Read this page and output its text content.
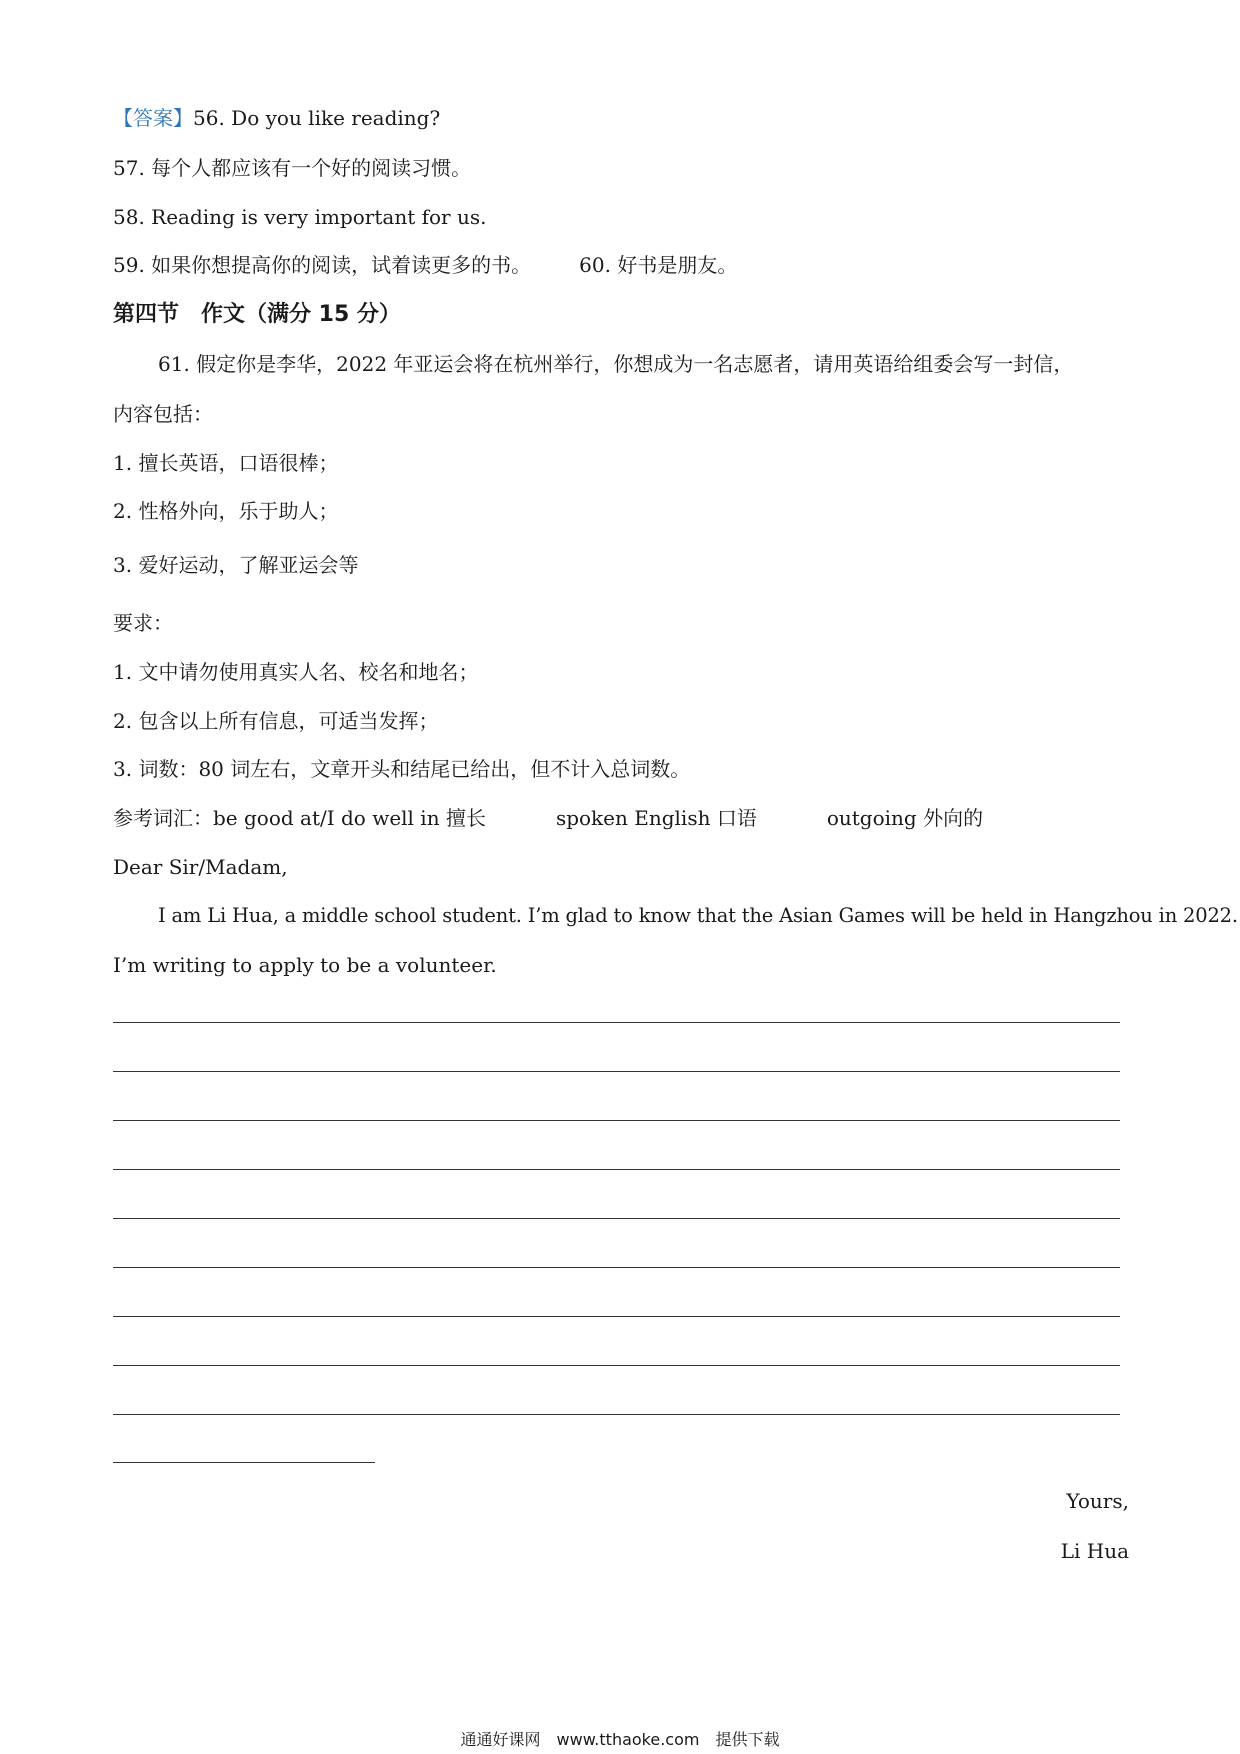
【答案】56. Do you like reading?
57. 每个人都应该有一个好的阅读习惯。
58. Reading is very important for us.
59. 如果你想提高你的阅读，试着读更多的书。 60. 好书是朋友。
第四节　作文（满分 15 分）
61. 假定你是李华，2022 年亚运会将在杭州举行，你想成为一名志愿者，请用英语给组委会写一封信，
内容包括：
1. 擅长英语，口语很棒；
2. 性格外向，乐于助人；
3. 爱好运动，了解亚运会等
要求：
1. 文中请勿使用真实人名、校名和地名；
2. 包含以上所有信息，可适当发挥；
3. 词数：80 词左右，文章开头和结尾已给出，但不计入总词数。
参考词汇：be good at/I do well in 擅长	spoken English 口语	outgoing 外向的
Dear Sir/Madam,
I am Li Hua, a middle school student. I’m glad to know that the Asian Games will be held in Hangzhou in 2022.
I’m writing to apply to be a volunteer.
Yours,
Li Hua
通通好课网　www.tthaoke.com　提供下载
